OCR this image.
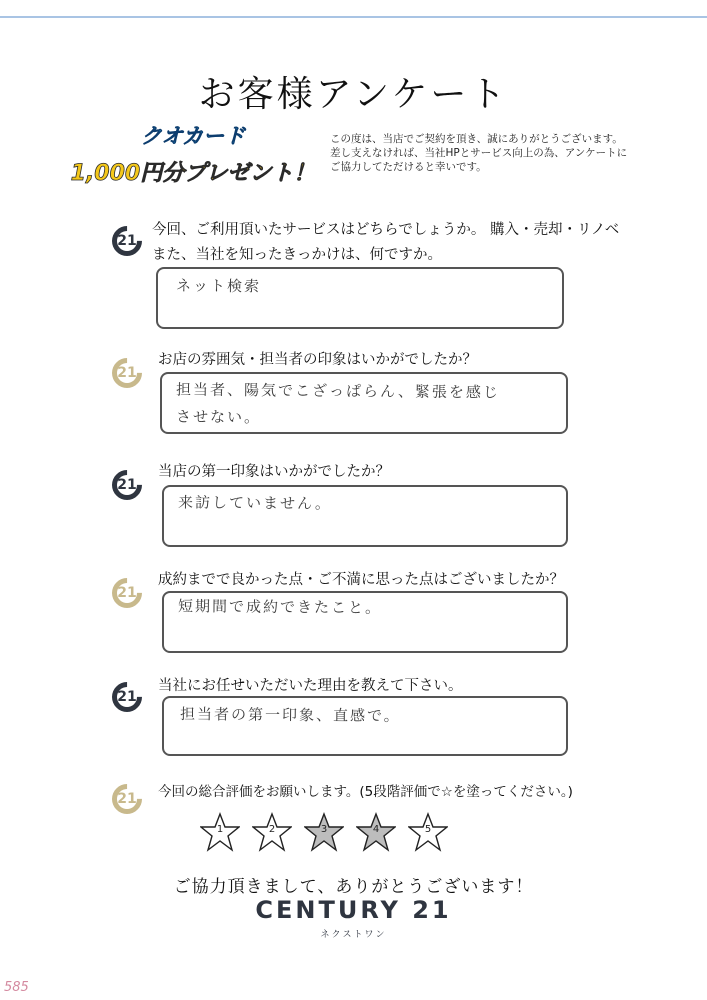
お客様アンケート
クオカード
1,000円分プレゼント！
この度は、当店でご契約を頂き、誠にありがとうございます。
差し支えなければ、当社HPとサービス向上の為、アンケートに
ご協力してただけると幸いです。
21
今回、ご利用頂いたサービスはどちらでしょうか。 購入・売却・リノベ
また、当社を知ったきっかけは、何ですか。
ネット検索
21
お店の雰囲気・担当者の印象はいかがでしたか？
担当者、陽気でこざっぱらん、緊張を感じ
させない。
21
当店の第一印象はいかがでしたか？
来訪していません。
21
成約までで良かった点・ご不満に思った点はございましたか？
短期間で成約できたこと。
21
当社にお任せいただいた理由を教えて下さい。
担当者の第一印象、直感で。
21	今回の総合評価をお願いします。(5段階評価で☆を塗ってください。)
1	2	3	4	5
ご協力頂きまして、ありがとうございます！
CENTURY 21
ネクストワン
585
